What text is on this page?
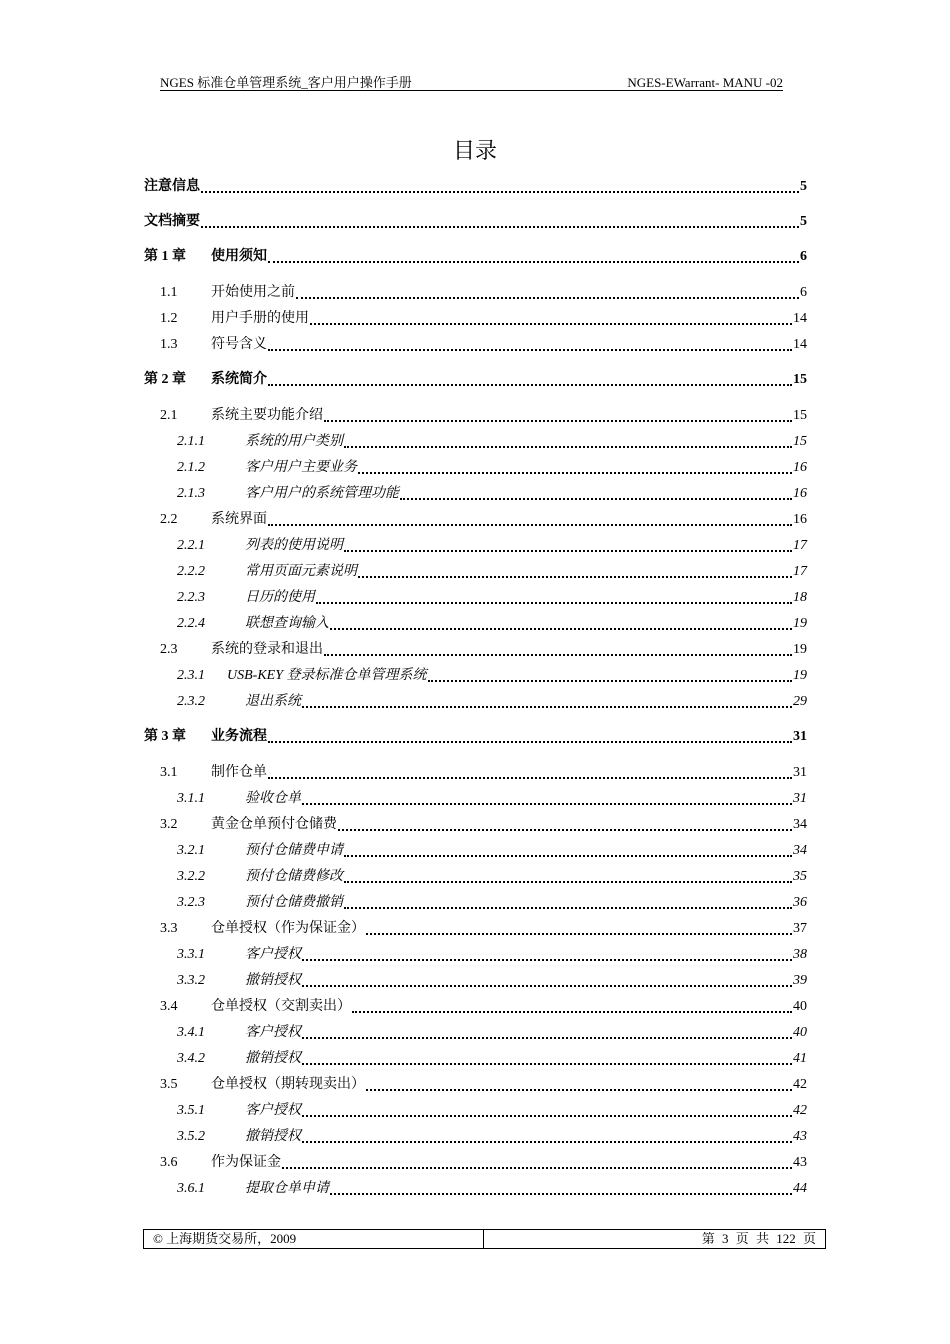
NGES 标准仓单管理系统_客户用户操作手册	NGES-EWarrant- MANU -02
目录
注意信息	5
文档摘要	5
第 1 章	使用须知	6
1.1	开始使用之前	6
1.2	用户手册的使用	14
1.3	符号含义	14
第 2 章	系统简介	15
2.1	系统主要功能介绍	15
2.1.1	系统的用户类别	15
2.1.2	客户用户主要业务	16
2.1.3	客户用户的系统管理功能	16
2.2	系统界面	16
2.2.1	列表的使用说明	17
2.2.2	常用页面元素说明	17
2.2.3	日历的使用	18
2.2.4	联想查询输入	19
2.3	系统的登录和退出	19
2.3.1	USB-KEY 登录标准仓单管理系统	19
2.3.2	退出系统	29
第 3 章	业务流程	31
3.1	制作仓单	31
3.1.1	验收仓单	31
3.2	黄金仓单预付仓储费	34
3.2.1	预付仓储费申请	34
3.2.2	预付仓储费修改	35
3.2.3	预付仓储费撤销	36
3.3	仓单授权（作为保证金）	37
3.3.1	客户授权	38
3.3.2	撤销授权	39
3.4	仓单授权（交割卖出）	40
3.4.1	客户授权	40
3.4.2	撤销授权	41
3.5	仓单授权（期转现卖出）	42
3.5.1	客户授权	42
3.5.2	撤销授权	43
3.6	作为保证金	43
3.6.1	提取仓单申请	44
© 上海期货交易所，2009	第 3 页 共 122 页
